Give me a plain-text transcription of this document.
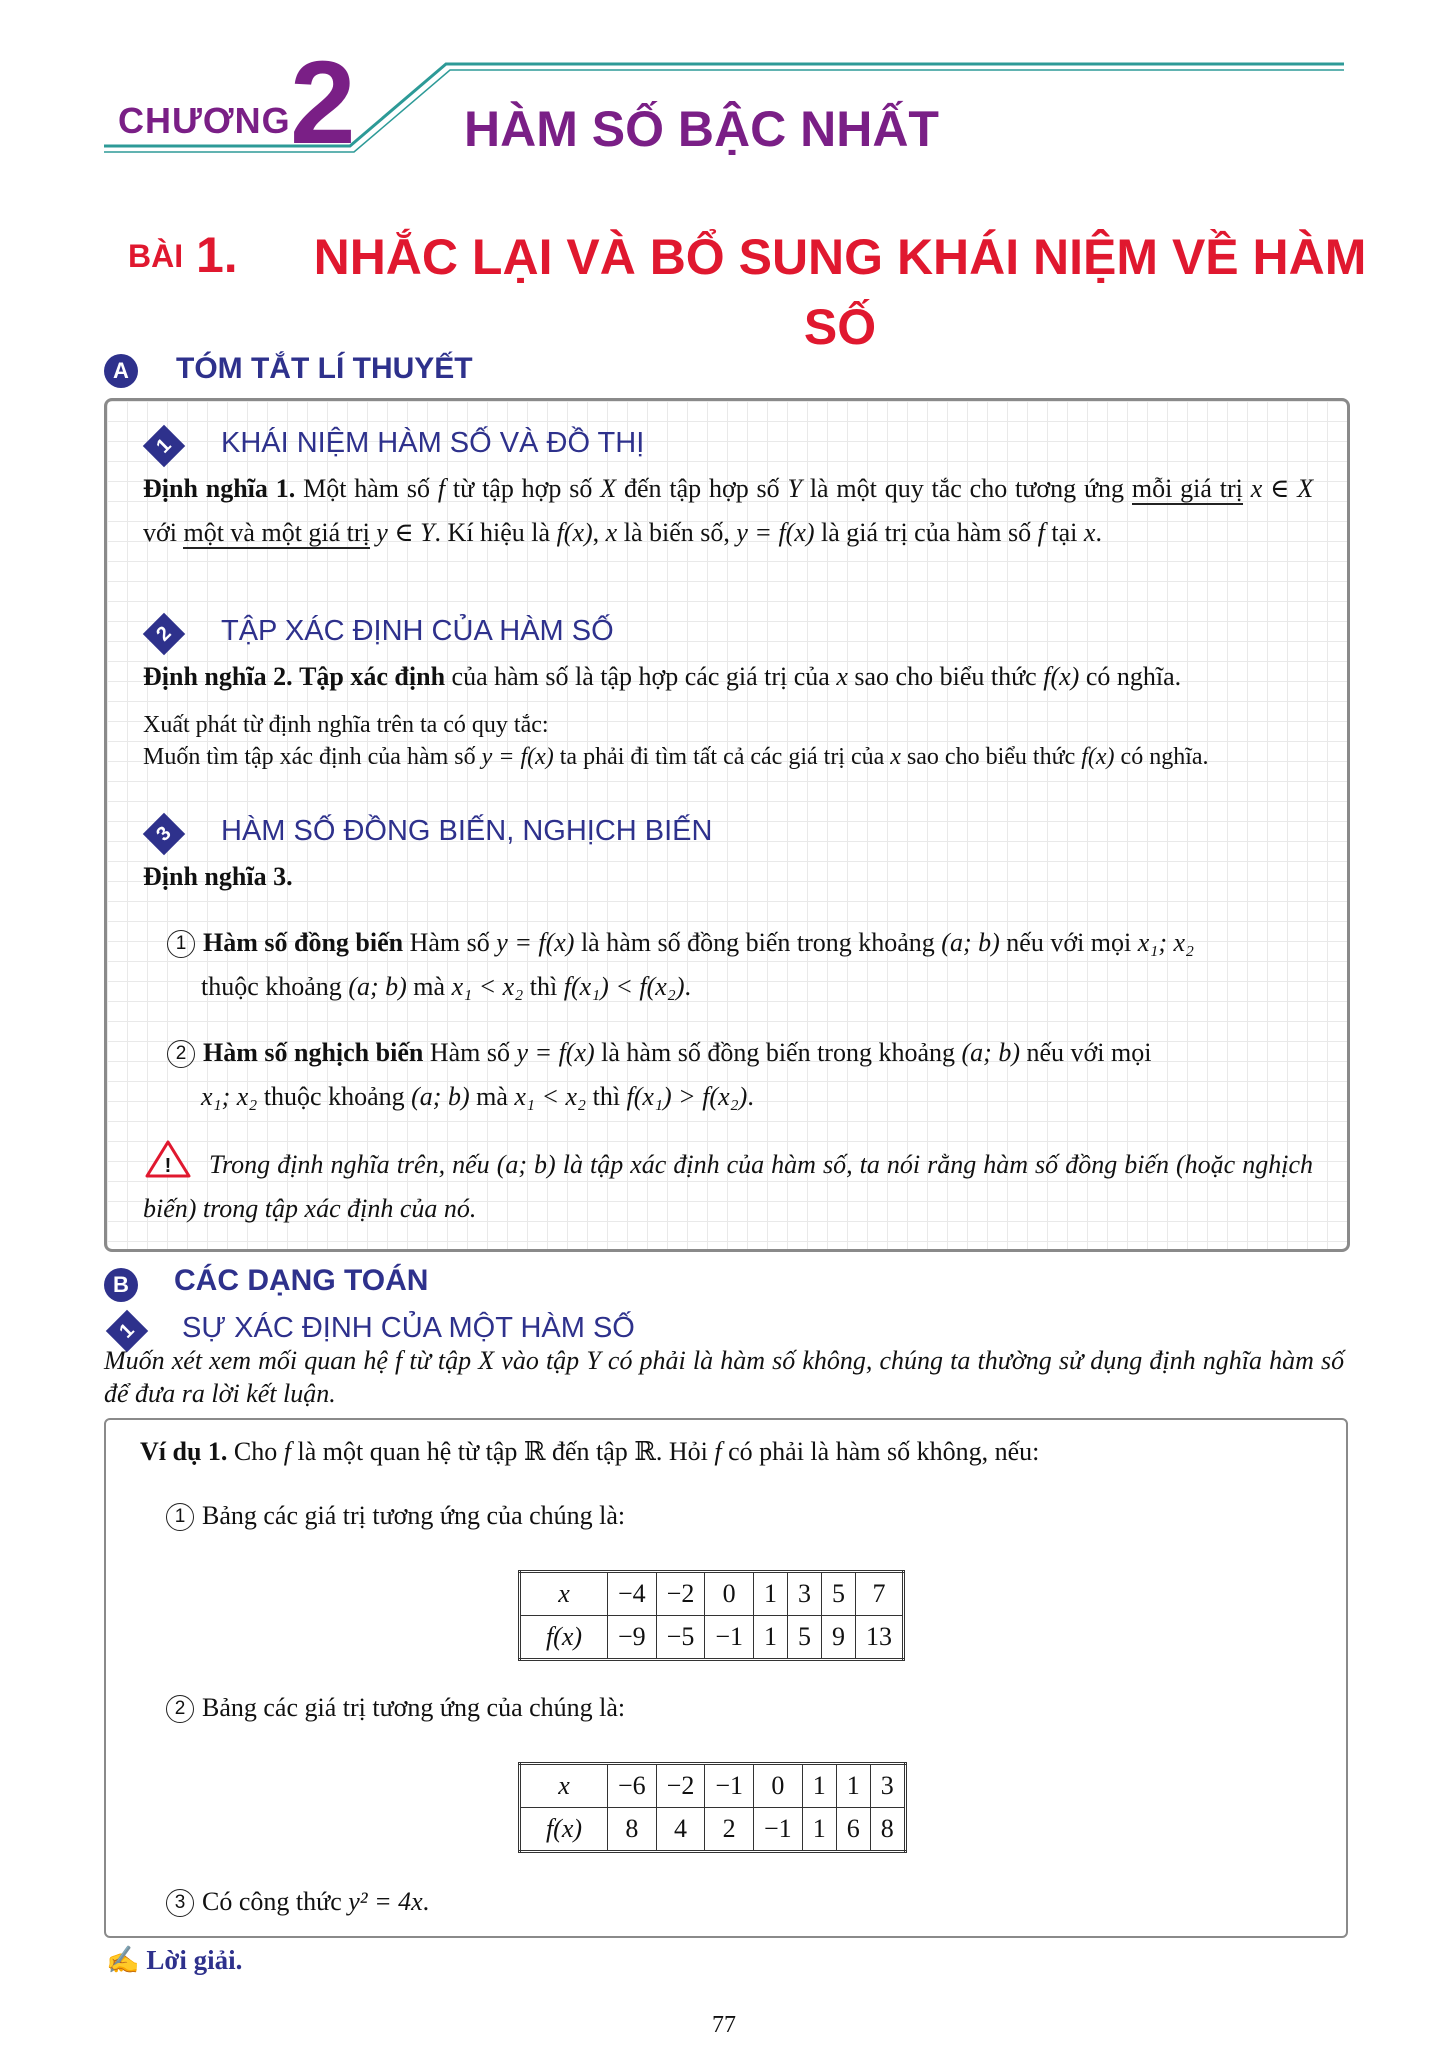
CHƯƠNG 2 HÀM SỐ BẬC NHẤT
BÀI 1. NHẮC LẠI VÀ BỔ SUNG KHÁI NIỆM VỀ HÀM SỐ
A	TÓM TẮT LÍ THUYẾT
1	KHÁI NIỆM HÀM SỐ VÀ ĐỒ THỊ
Định nghĩa 1. Một hàm số f từ tập hợp số X đến tập hợp số Y là một quy tắc cho tương ứng mỗi giá trị x ∈ X với một và một giá trị y ∈ Y. Kí hiệu là f(x), x là biến số, y = f(x) là giá trị của hàm số f tại x.
2	TẬP XÁC ĐỊNH CỦA HÀM SỐ
Định nghĩa 2. Tập xác định của hàm số là tập hợp các giá trị của x sao cho biểu thức f(x) có nghĩa.
Xuất phát từ định nghĩa trên ta có quy tắc:
Muốn tìm tập xác định của hàm số y = f(x) ta phải đi tìm tất cả các giá trị của x sao cho biểu thức f(x) có nghĩa.
3	HÀM SỐ ĐỒNG BIẾN, NGHỊCH BIẾN
Định nghĩa 3.
1 Hàm số đồng biến Hàm số y = f(x) là hàm số đồng biến trong khoảng (a; b) nếu với mọi x₁; x₂
thuộc khoảng (a; b) mà x₁ < x₂ thì f(x₁) < f(x₂).
2 Hàm số nghịch biến Hàm số y = f(x) là hàm số đồng biến trong khoảng (a; b) nếu với mọi
x₁; x₂ thuộc khoảng (a; b) mà x₁ < x₂ thì f(x₁) > f(x₂).
!	Trong định nghĩa trên, nếu (a; b) là tập xác định của hàm số, ta nói rằng hàm số đồng biến (hoặc nghịch biến) trong tập xác định của nó.
B	CÁC DẠNG TOÁN
1	SỰ XÁC ĐỊNH CỦA MỘT HÀM SỐ
Muốn xét xem mối quan hệ f từ tập X vào tập Y có phải là hàm số không, chúng ta thường sử dụng định nghĩa hàm số để đưa ra lời kết luận.
Ví dụ 1. Cho f là một quan hệ từ tập ℝ đến tập ℝ. Hỏi f có phải là hàm số không, nếu:
1 Bảng các giá trị tương ứng của chúng là:
x	−4	−2	0	1	3	5	7
f(x)	−9	−5	−1	1	5	9	13
2 Bảng các giá trị tương ứng của chúng là:
x	−6	−2	−1	0	1	1	3
f(x)	8	4	2	−1	1	6	8
3 Có công thức y² = 4x.
✍ Lời giải.
77
